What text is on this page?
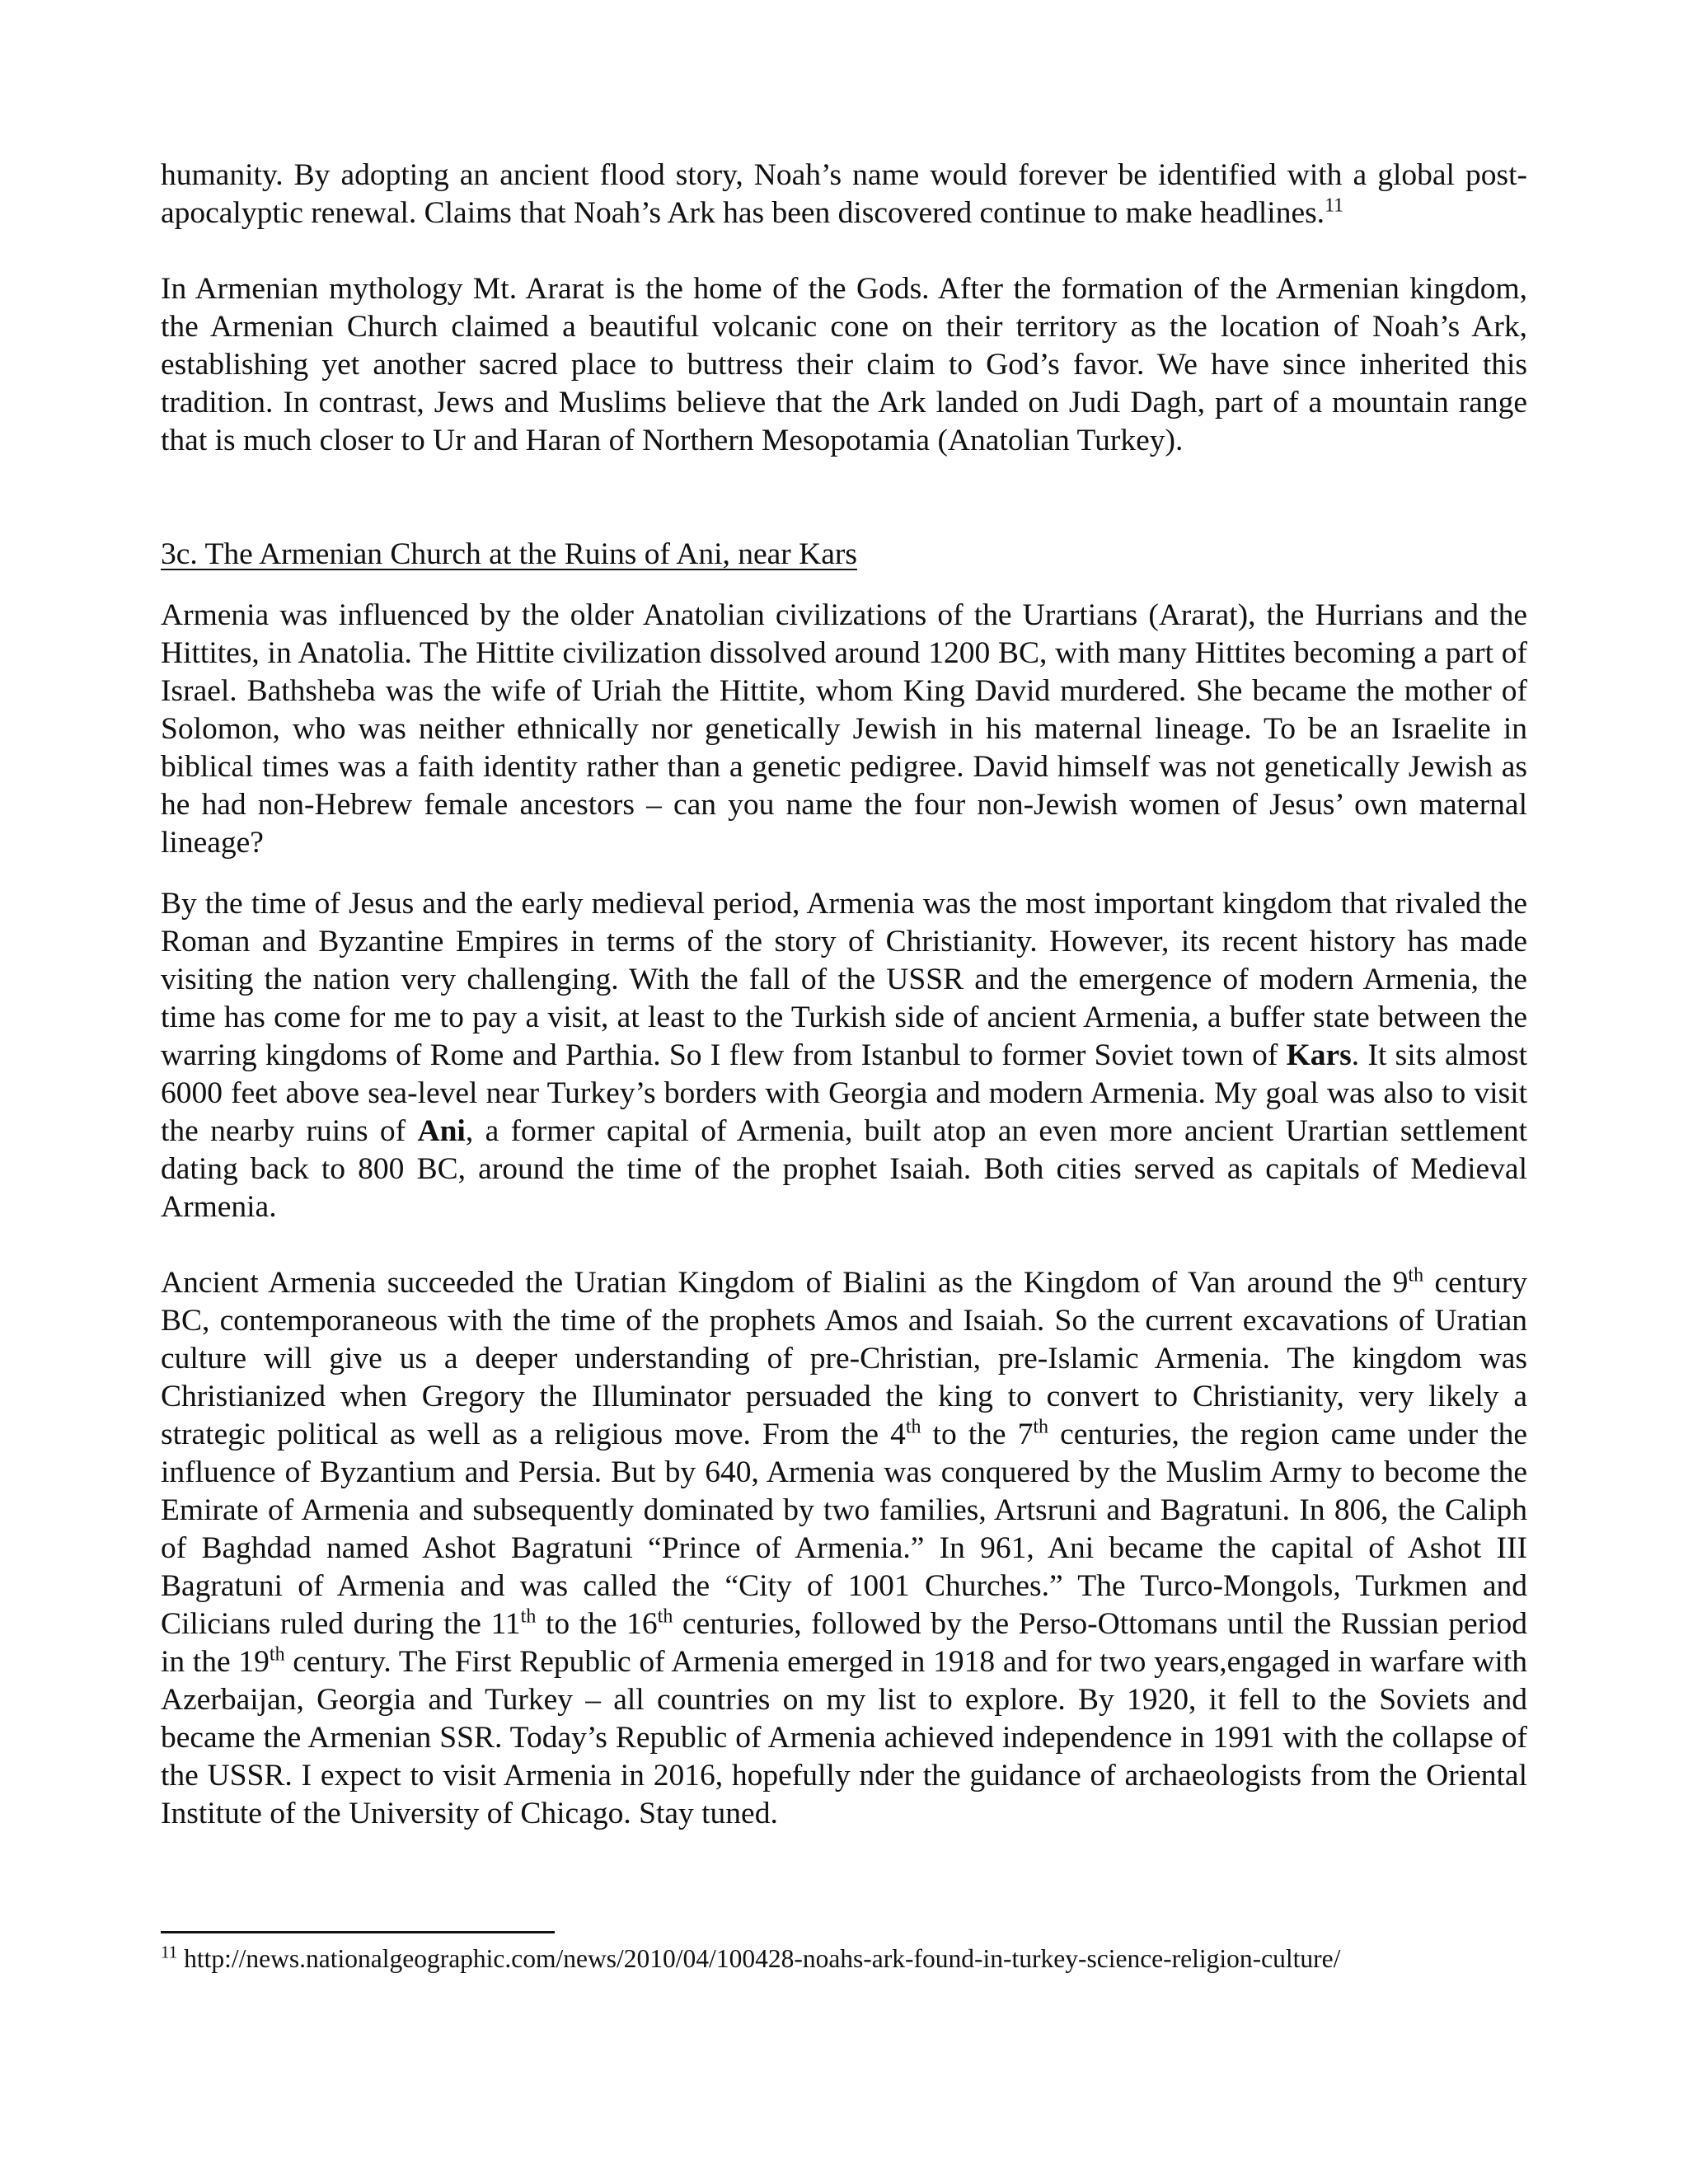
humanity. By adopting an ancient flood story, Noah’s name would forever be identified with a global post-apocalyptic renewal. Claims that Noah’s Ark has been discovered continue to make headlines.$^{11}$

In Armenian mythology Mt. Ararat is the home of the Gods. After the formation of the Armenian kingdom, the Armenian Church claimed a beautiful volcanic cone on their territory as the location of Noah’s Ark, establishing yet another sacred place to buttress their claim to God’s favor. We have since inherited this tradition. In contrast, Jews and Muslims believe that the Ark landed on Judi Dagh, part of a mountain range that is much closer to Ur and Haran of Northern Mesopotamia (Anatolian Turkey).

3c. The Armenian Church at the Ruins of Ani, near Kars

Armenia was influenced by the older Anatolian civilizations of the Urartians (Ararat), the Hurrians and the Hittites, in Anatolia. The Hittite civilization dissolved around 1200 BC, with many Hittites becoming a part of Israel. Bathsheba was the wife of Uriah the Hittite, whom King David murdered. She became the mother of Solomon, who was neither ethnically nor genetically Jewish in his maternal lineage. To be an Israelite in biblical times was a faith identity rather than a genetic pedigree. David himself was not genetically Jewish as he had non-Hebrew female ancestors – can you name the four non-Jewish women of Jesus’ own maternal lineage?

By the time of Jesus and the early medieval period, Armenia was the most important kingdom that rivaled the Roman and Byzantine Empires in terms of the story of Christianity. However, its recent history has made visiting the nation very challenging. With the fall of the USSR and the emergence of modern Armenia, the time has come for me to pay a visit, at least to the Turkish side of ancient Armenia, a buffer state between the warring kingdoms of Rome and Parthia. So I flew from Istanbul to former Soviet town of Kars. It sits almost 6000 feet above sea-level near Turkey’s borders with Georgia and modern Armenia. My goal was also to visit the nearby ruins of Ani, a former capital of Armenia, built atop an even more ancient Urartian settlement dating back to 800 BC, around the time of the prophet Isaiah. Both cities served as capitals of Medieval Armenia.

Ancient Armenia succeeded the Uratian Kingdom of Bialini as the Kingdom of Van around the 9th century BC, contemporaneous with the time of the prophets Amos and Isaiah. So the current excavations of Uratian culture will give us a deeper understanding of pre-Christian, pre-Islamic Armenia. The kingdom was Christianized when Gregory the Illuminator persuaded the king to convert to Christianity, very likely a strategic political as well as a religious move. From the 4th to the 7th centuries, the region came under the influence of Byzantium and Persia. But by 640, Armenia was conquered by the Muslim Army to become the Emirate of Armenia and subsequently dominated by two families, Artsruni and Bagratuni. In 806, the Caliph of Baghdad named Ashot Bagratuni “Prince of Armenia.” In 961, Ani became the capital of Ashot III Bagratuni of Armenia and was called the “City of 1001 Churches.” The Turco-Mongols, Turkmen and Cilicians ruled during the 11th to the 16th centuries, followed by the Perso-Ottomans until the Russian period in the 19th century. The First Republic of Armenia emerged in 1918 and for two years,engaged in warfare with Azerbaijan, Georgia and Turkey – all countries on my list to explore. By 1920, it fell to the Soviets and became the Armenian SSR. Today’s Republic of Armenia achieved independence in 1991 with the collapse of the USSR. I expect to visit Armenia in 2016, hopefully nder the guidance of archaeologists from the Oriental Institute of the University of Chicago. Stay tuned.

$^{11}$ http://news.nationalgeographic.com/news/2010/04/100428-noahs-ark-found-in-turkey-science-religion-culture/
